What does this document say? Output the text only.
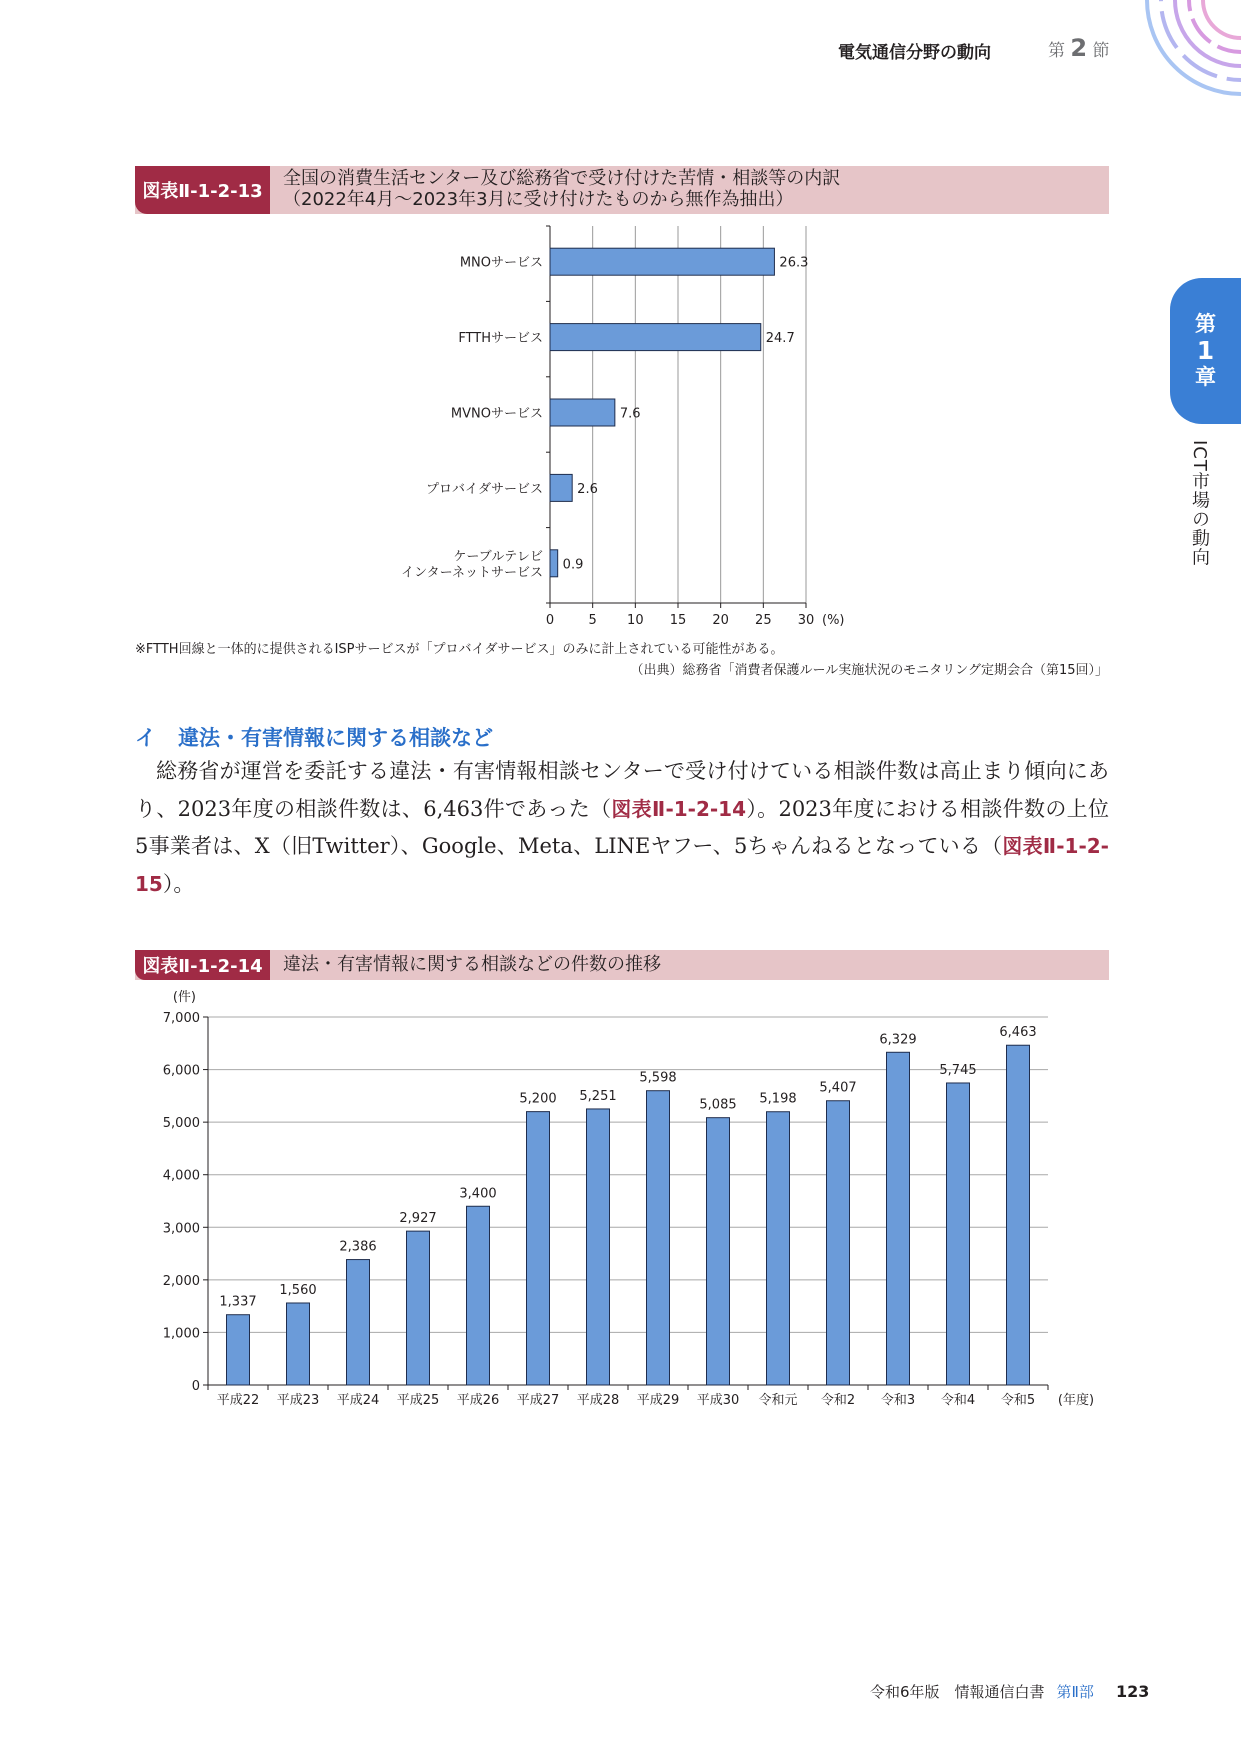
電気通信分野の動向	第 2 節
第
1
章
ICT市場の動向
図表Ⅱ-1-2-13
全国の消費生活センター及び総務省で受け付けた苦情・相談等の内訳
（2022年4月～2023年3月に受け付けたものから無作為抽出）
0	5 10 15 20 25 30 (%)
26.3
MNOサービス
24.7
FTTHサービス
7.6
MVNOサービス
2.6
プロバイダサービス
0.9
ケーブルテレビ
インターネットサービス
※FTTH回線と一体的に提供されるISPサービスが「プロバイダサービス」のみに計上されている可能性がある。
（出典）総務省「消費者保護ルール実施状況のモニタリング定期会合（第15回）」
イ 違法・有害情報に関する相談など

総務省が運営を委託する違法・有害情報相談センターで受け付けている相談件数は高止まり傾向にあり、2023年度の相談件数は、6,463件であった（図表Ⅱ-1-2-14）。2023年度における相談件数の上位5事業者は、X（旧Twitter）、Google、Meta、LINEヤフー、5ちゃんねるとなっている（図表Ⅱ-1-2-15）。

図表Ⅱ-1-2-14	違法・有害情報に関する相談などの件数の推移
0
1,000
2,000
3,000
4,000
5,000
6,000
7,000
(件)
1,337
平成22
1,560
平成23
2,386
平成24
2,927
平成25
3,400
平成26
5,200
平成27
5,251
平成28
5,598
平成29
5,085
平成30
5,198
令和元
5,407
令和2
6,329
令和3
5,745
令和4
6,463
令和5 (年度)
令和6年版　情報通信白書 第Ⅱ部 123
